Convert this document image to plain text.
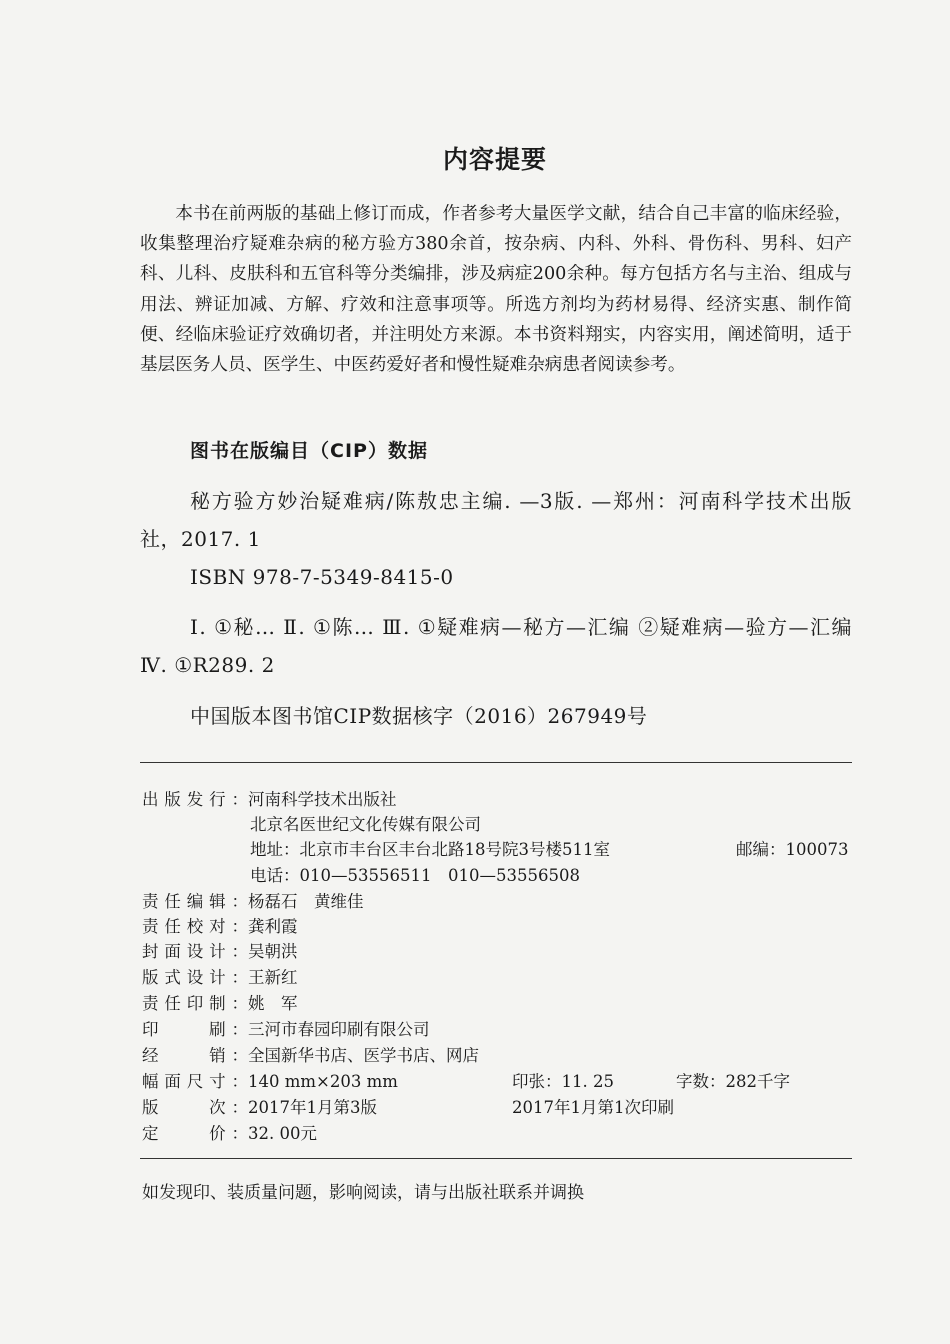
内容提要
本书在前两版的基础上修订而成，作者参考大量医学文献，结合自己丰富的临床经验，收集整理治疗疑难杂病的秘方验方380余首，按杂病、内科、外科、骨伤科、男科、妇产科、儿科、皮肤科和五官科等分类编排，涉及病症200余种。每方包括方名与主治、组成与用法、辨证加减、方解、疗效和注意事项等。所选方剂均为药材易得、经济实惠、制作简便、经临床验证疗效确切者，并注明处方来源。本书资料翔实，内容实用，阐述简明，适于基层医务人员、医学生、中医药爱好者和慢性疑难杂病患者阅读参考。
图书在版编目（CIP）数据
秘方验方妙治疑难病/陈敖忠主编. —3版. —郑州：河南科学技术出版社，2017. 1
ISBN 978-7-5349-8415-0
Ⅰ. ①秘… Ⅱ. ①陈… Ⅲ. ①疑难病—秘方—汇编 ②疑难病—验方—汇编 Ⅳ. ①R289. 2
中国版本图书馆CIP数据核字（2016）267949号
出版发行：河南科学技术出版社
北京名医世纪文化传媒有限公司
地址：北京市丰台区丰台北路18号院3号楼511室	邮编：100073
电话：010—53556511　010—53556508
责任编辑：杨磊石　黄维佳
责任校对：龚利霞
封面设计：吴朝洪
版式设计：王新红
责任印制：姚　军
印　　刷：三河市春园印刷有限公司
经　　销：全国新华书店、医学书店、网店
幅面尺寸：140 mm×203 mm	印张：11. 25	字数：282千字
版　　次：2017年1月第3版	2017年1月第1次印刷
定　　价：32. 00元
如发现印、装质量问题，影响阅读，请与出版社联系并调换
